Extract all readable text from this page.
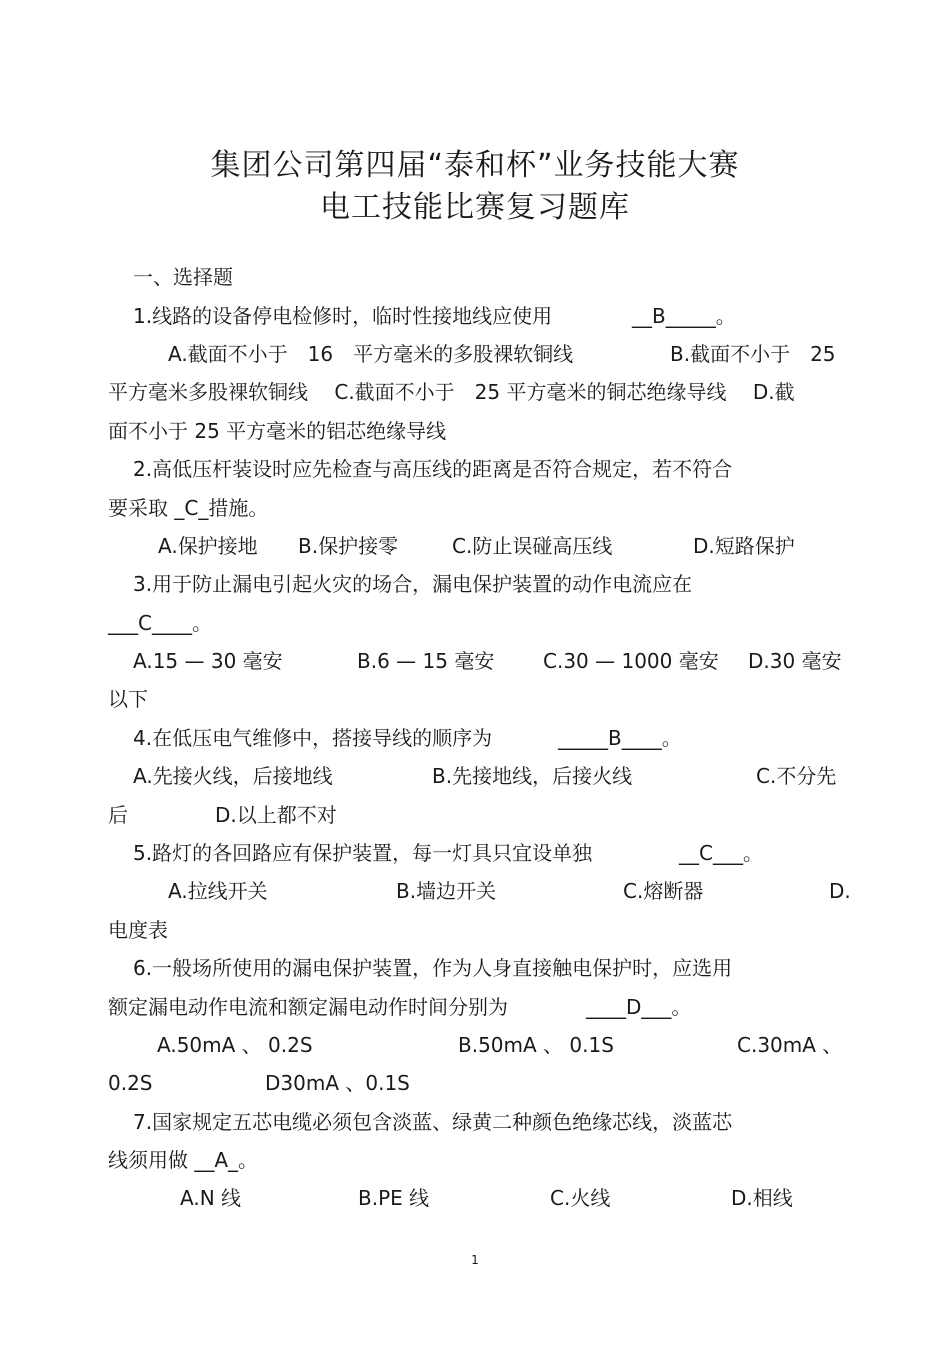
集团公司第四届“泰和杯”业务技能大赛
电工技能比赛复习题库
一、选择题
1.线路的设备停电检修时，临时性接地线应使用	__B_____。
A.截面不小于　16　平方毫米的多股裸软铜线	B.截面不小于　25
平方毫米多股裸软铜线　 C.截面不小于　25 平方毫米的铜芯绝缘导线　 D.截
面不小于 25 平方毫米的铝芯绝缘导线
2.高低压杆装设时应先检查与高压线的距离是否符合规定，若不符合
要采取 _C_措施。
A.保护接地 B.保护接零	C.防止误碰高压线	D.短路保护
3.用于防止漏电引起火灾的场合，漏电保护装置的动作电流应在
___C____。
A.15 — 30 毫安	B.6 — 15 毫安 C.30 — 1000 毫安 D.30 毫安
以下
4.在低压电气维修中，搭接导线的顺序为	_____B____。
A.先接火线，后接地线	B.先接地线，后接火线	C.不分先
后	D.以上都不对
5.路灯的各回路应有保护装置，每一灯具只宜设单独	__C___。
A.拉线开关	B.墙边开关	C.熔断器	D.
电度表
6.一般场所使用的漏电保护装置，作为人身直接触电保护时，应选用
额定漏电动作电流和额定漏电动作时间分别为	____D___。
A.50mA 、 0.2S	B.50mA 、 0.1S	C.30mA 、
0.2S	D30mA 、0.1S
7.国家规定五芯电缆必须包含淡蓝、绿黄二种颜色绝缘芯线，淡蓝芯
线须用做 __A_。
A.N 线	B.PE 线	C.火线	D.相线
1
